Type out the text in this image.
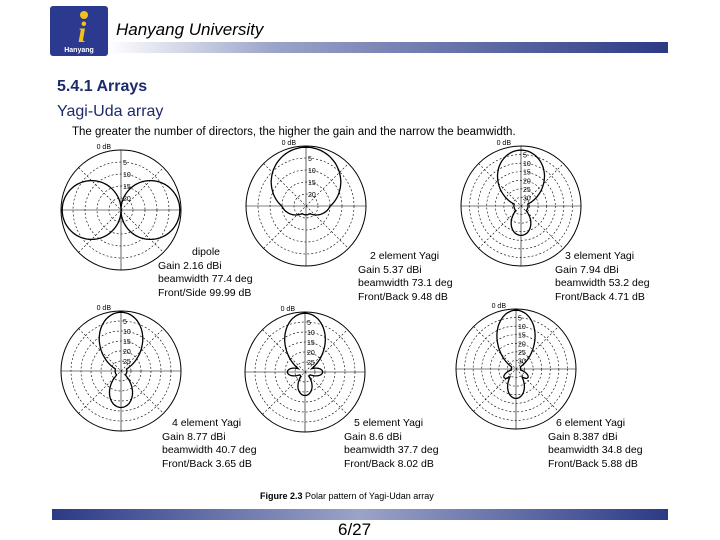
i
Hanyang
Hanyang University
5.4.1 Arrays
Yagi-Uda array
The greater the number of directors, the higher the gain and the narrow the beamwidth.
0 dB
5
10
15
20
0 dB
5
10
15
20
0 dB
5
10
15
20
25
30
0 dB
5
10
15
20
25
0 dB
5
10
15
20
25
0 dB
5
10
15
20
25
30
dipole
Gain 2.16 dBi
beamwidth 77.4 deg
Front/Side 99.99 dB
2 element Yagi
Gain 5.37 dBi
beamwidth 73.1 deg
Front/Back 9.48 dB
3 element Yagi
Gain 7.94 dBi
beamwidth 53.2 deg
Front/Back 4.71 dB
4 element Yagi
Gain 8.77 dBi
beamwidth 40.7 deg
Front/Back 3.65 dB
5 element Yagi
Gain 8.6 dBi
beamwidth 37.7 deg
Front/Back 8.02 dB
6 element Yagi
Gain 8.387 dBi
beamwidth 34.8 deg
Front/Back 5.88 dB
Figure 2.3 Polar pattern of Yagi-Udan array
6/27
